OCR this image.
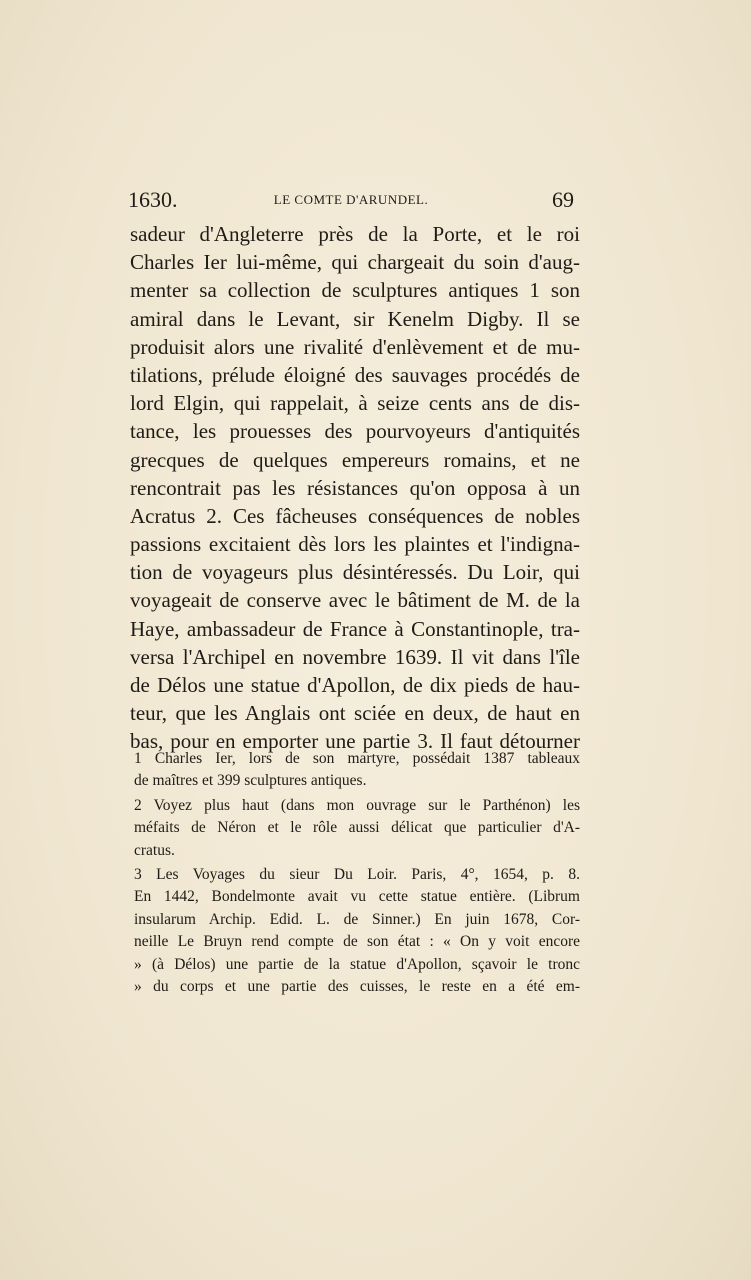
1630.	LE COMTE D'ARUNDEL.	69
sadeur d'Angleterre près de la Porte, et le roi
Charles Ier lui-même, qui chargeait du soin d'aug-
menter sa collection de sculptures antiques 1 son
amiral dans le Levant, sir Kenelm Digby. Il se
produisit alors une rivalité d'enlèvement et de mu-
tilations, prélude éloigné des sauvages procédés de
lord Elgin, qui rappelait, à seize cents ans de dis-
tance, les prouesses des pourvoyeurs d'antiquités
grecques de quelques empereurs romains, et ne
rencontrait pas les résistances qu'on opposa à un
Acratus 2. Ces fâcheuses conséquences de nobles
passions excitaient dès lors les plaintes et l'indigna-
tion de voyageurs plus désintéressés. Du Loir, qui
voyageait de conserve avec le bâtiment de M. de la
Haye, ambassadeur de France à Constantinople, tra-
versa l'Archipel en novembre 1639. Il vit dans l'île
de Délos une statue d'Apollon, de dix pieds de hau-
teur, que les Anglais ont sciée en deux, de haut en
bas, pour en emporter une partie 3. Il faut détourner
1 Charles Ier, lors de son martyre, possédait 1387 tableaux
de maîtres et 399 sculptures antiques.
2 Voyez plus haut (dans mon ouvrage sur le Parthénon) les
méfaits de Néron et le rôle aussi délicat que particulier d'A-
cratus.
3 Les Voyages du sieur Du Loir. Paris, 4°, 1654, p. 8.
En 1442, Bondelmonte avait vu cette statue entière. (Librum
insularum Archip. Edid. L. de Sinner.) En juin 1678, Cor-
neille Le Bruyn rend compte de son état : « On y voit encore
» (à Délos) une partie de la statue d'Apollon, sçavoir le tronc
» du corps et une partie des cuisses, le reste en a été em-
